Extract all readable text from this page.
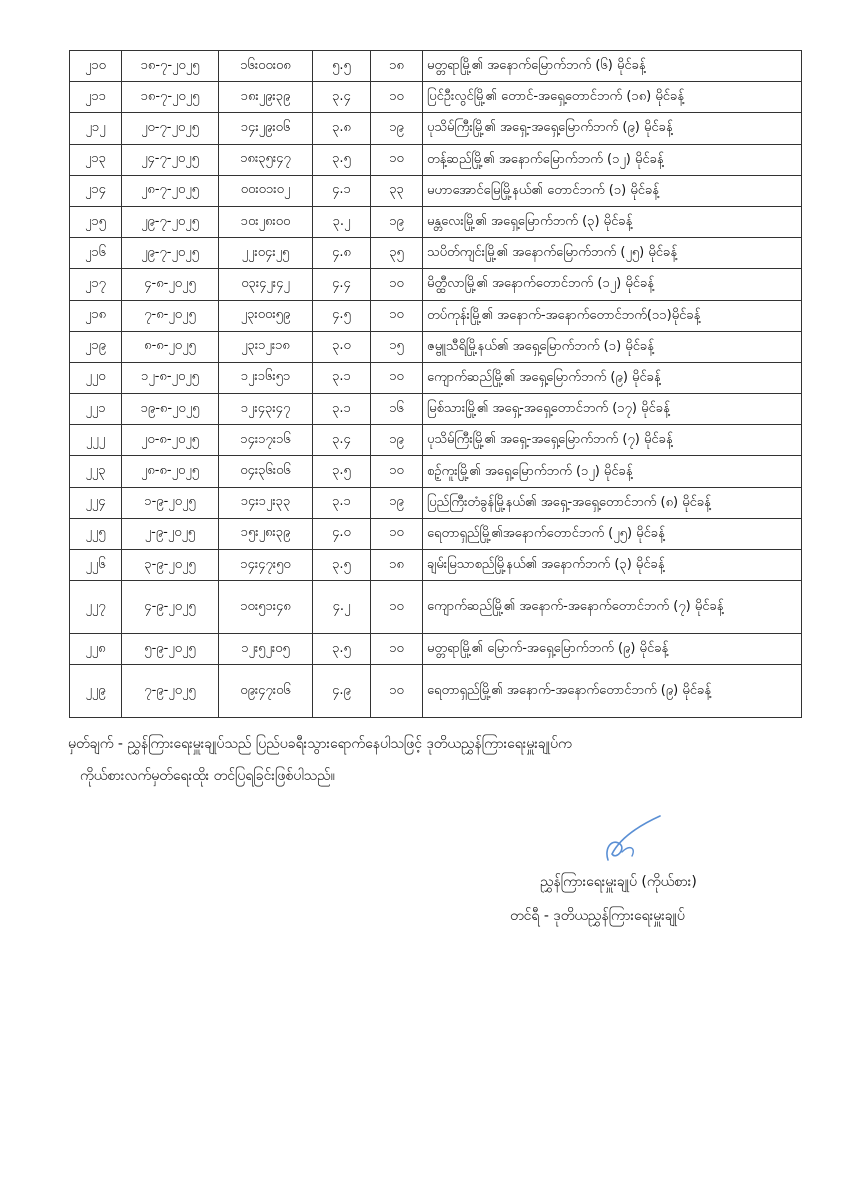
၂၁၀	၁၈-၇-၂၀၂၅	၁၆း၀၀း၀၈	၅.၅	၁၈	မတ္တရာမြို့၏ အနောက်မြောက်ဘက် (၆) မိုင်ခန့်
၂၁၁	၁၈-၇-၂၀၂၅	၁၈း၂၉း၃၉	၃.၄	၁၀	ပြင်ဦးလွင်မြို့၏ တောင်-အရှေ့တောင်ဘက် (၁၈) မိုင်ခန့်
၂၁၂	၂၀-၇-၂၀၂၅	၁၄း၂၉း၀၆	၃.၈	၁၉	ပုသိမ်ကြီးမြို့၏ အရှေ့-အရှေ့မြောက်ဘက် (၉) မိုင်ခန့်
၂၁၃	၂၄-၇-၂၀၂၅	၁၈း၃၅း၄၇	၃.၅	၁၀	တန့်ဆည်မြို့၏ အနောက်မြောက်ဘက် (၁၂) မိုင်ခန့်
၂၁၄	၂၈-၇-၂၀၂၅	၀၀း၀၁း၀၂	၄.၁	၃၃	မဟာအောင်မြေမြို့နယ်၏ တောင်ဘက် (၁) မိုင်ခန့်
၂၁၅	၂၉-၇-၂၀၂၅	၁၀း၂၈း၀၀	၃.၂	၁၉	မန္တလေးမြို့၏ အရှေ့မြောက်ဘက် (၃) မိုင်ခန့်
၂၁၆	၂၉-၇-၂၀၂၅	၂၂း၀၄း၂၅	၄.၈	၃၅	သပိတ်ကျင်းမြို့၏ အနောက်မြောက်ဘက် (၂၅) မိုင်ခန့်
၂၁၇	၄-၈-၂၀၂၅	၀၃း၄၂း၄၂	၄.၄	၁၀	မိတ္ထီလာမြို့၏ အနောက်တောင်ဘက် (၁၂) မိုင်ခန့်
၂၁၈	၇-၈-၂၀၂၅	၂၃း၀၀း၅၉	၄.၅	၁၀	တပ်ကုန်းမြို့၏ အနောက်-အနောက်တောင်ဘက်(၁၁)မိုင်ခန့်
၂၁၉	၈-၈-၂၀၂၅	၂၃း၁၂း၁၈	၃.၀	၁၅	ဇမ္ဗူသီရိမြို့နယ်၏ အရှေ့မြောက်ဘက် (၁) မိုင်ခန့်
၂၂၀	၁၂-၈-၂၀၂၅	၁၂း၁၆း၅၁	၃.၁	၁၀	ကျောက်ဆည်မြို့၏ အရှေ့မြောက်ဘက် (၉) မိုင်ခန့်
၂၂၁	၁၉-၈-၂၀၂၅	၁၂း၄၃း၄၇	၃.၁	၁၆	မြစ်သားမြို့၏ အရှေ့-အရှေ့တောင်ဘက် (၁၇) မိုင်ခန့်
၂၂၂	၂၀-၈-၂၀၂၅	၁၄း၁၇း၁၆	၃.၄	၁၉	ပုသိမ်ကြီးမြို့၏ အရှေ့-အရှေ့မြောက်ဘက် (၇) မိုင်ခန့်
၂၂၃	၂၈-၈-၂၀၂၅	၀၄း၃၆း၀၆	၃.၅	၁၀	စဉ့်ကူးမြို့၏ အရှေ့မြောက်ဘက် (၁၂) မိုင်ခန့်
၂၂၄	၁-၉-၂၀၂၅	၁၄း၁၂း၃၃	၃.၁	၁၉	ပြည်ကြီးတံခွန်မြို့နယ်၏ အရှေ့-အရှေ့တောင်ဘက် (၈) မိုင်ခန့်
၂၂၅	၂-၉-၂၀၂၅	၁၅း၂၈း၃၉	၄.၀	၁၀	ရေတာရှည်မြို့၏အနောက်တောင်ဘက် (၂၅) မိုင်ခန့်
၂၂၆	၃-၉-၂၀၂၅	၁၄း၄၇း၅၀	၃.၅	၁၈	ချမ်းမြသာစည်မြို့နယ်၏ အနောက်ဘက် (၃) မိုင်ခန့်
၂၂၇	၄-၉-၂၀၂၅	၁၀း၅၁း၄၈	၄.၂	၁၀	ကျောက်ဆည်မြို့၏ အနောက်-အနောက်တောင်ဘက် (၇) မိုင်ခန့်
၂၂၈	၅-၉-၂၀၂၅	၁၂း၅၂း၀၅	၃.၅	၁၀	မတ္တရာမြို့၏ မြောက်-အရှေ့မြောက်ဘက် (၉) မိုင်ခန့်
၂၂၉	၇-၉-၂၀၂၅	၀၉း၄၇း၀၆	၄.၉	၁၀	ရေတာရှည်မြို့၏ အနောက်-အနောက်တောင်ဘက် (၉) မိုင်ခန့်
မှတ်ချက် - ညွှန်ကြားရေးမှူးချုပ်သည် ပြည်ပခရီးသွားရောက်နေပါသဖြင့် ဒုတိယညွှန်ကြားရေးမှူးချုပ်က
ကိုယ်စားလက်မှတ်ရေးထိုး တင်ပြရခြင်းဖြစ်ပါသည်။
ညွှန်ကြားရေးမှူးချုပ် (ကိုယ်စား)
တင်ရီ - ဒုတိယညွှန်ကြားရေးမှူးချုပ်
